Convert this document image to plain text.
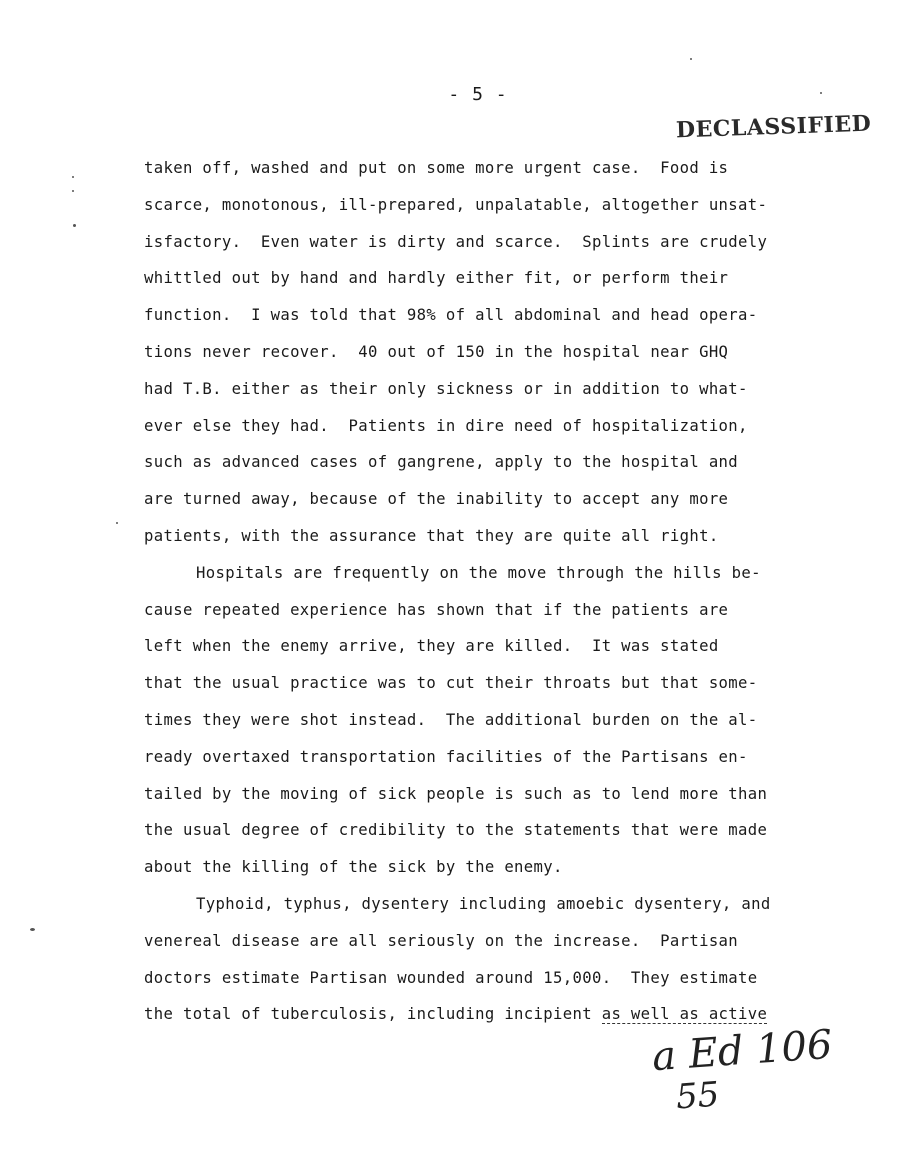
- 5 -
DECLASSIFIED
taken off, washed and put on some more urgent case.  Food is
scarce, monotonous, ill-prepared, unpalatable, altogether unsat-
isfactory.  Even water is dirty and scarce.  Splints are crudely
whittled out by hand and hardly either fit, or perform their
function.  I was told that 98% of all abdominal and head opera-
tions never recover.  40 out of 150 in the hospital near GHQ
had T.B. either as their only sickness or in addition to what-
ever else they had.  Patients in dire need of hospitalization,
such as advanced cases of gangrene, apply to the hospital and
are turned away, because of the inability to accept any more
patients, with the assurance that they are quite all right.
Hospitals are frequently on the move through the hills be-
cause repeated experience has shown that if the patients are
left when the enemy arrive, they are killed.  It was stated
that the usual practice was to cut their throats but that some-
times they were shot instead.  The additional burden on the al-
ready overtaxed transportation facilities of the Partisans en-
tailed by the moving of sick people is such as to lend more than
the usual degree of credibility to the statements that were made
about the killing of the sick by the enemy.
Typhoid, typhus, dysentery including amoebic dysentery, and
venereal disease are all seriously on the increase.  Partisan
doctors estimate Partisan wounded around 15,000.  They estimate
the total of tuberculosis, including incipient as well as active
a Ed 106
55
